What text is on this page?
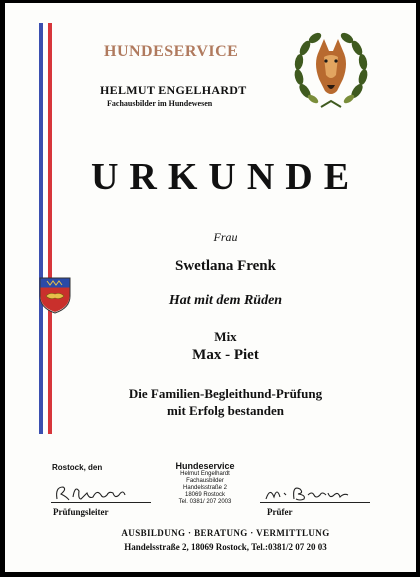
HUNDESERVICE
HELMUT ENGELHARDT
Fachausbilder im Hundewesen
URKUNDE
Frau
Swetlana Frenk
Hat mit dem Rüden
Mix
Max - Piet
Die Familien-Begleithund-Prüfung
mit Erfolg bestanden
Rostock, den	Hundeservice
Helmut Engelhardt
Fachausbilder
Handelsstraße 2
18069 Rostock
Tel. 0381/ 207 2003
Prüfungsleiter	Prüfer
AUSBILDUNG · BERATUNG · VERMITTLUNG
Handelsstraße 2, 18069 Rostock, Tel.:0381/2 07 20 03
